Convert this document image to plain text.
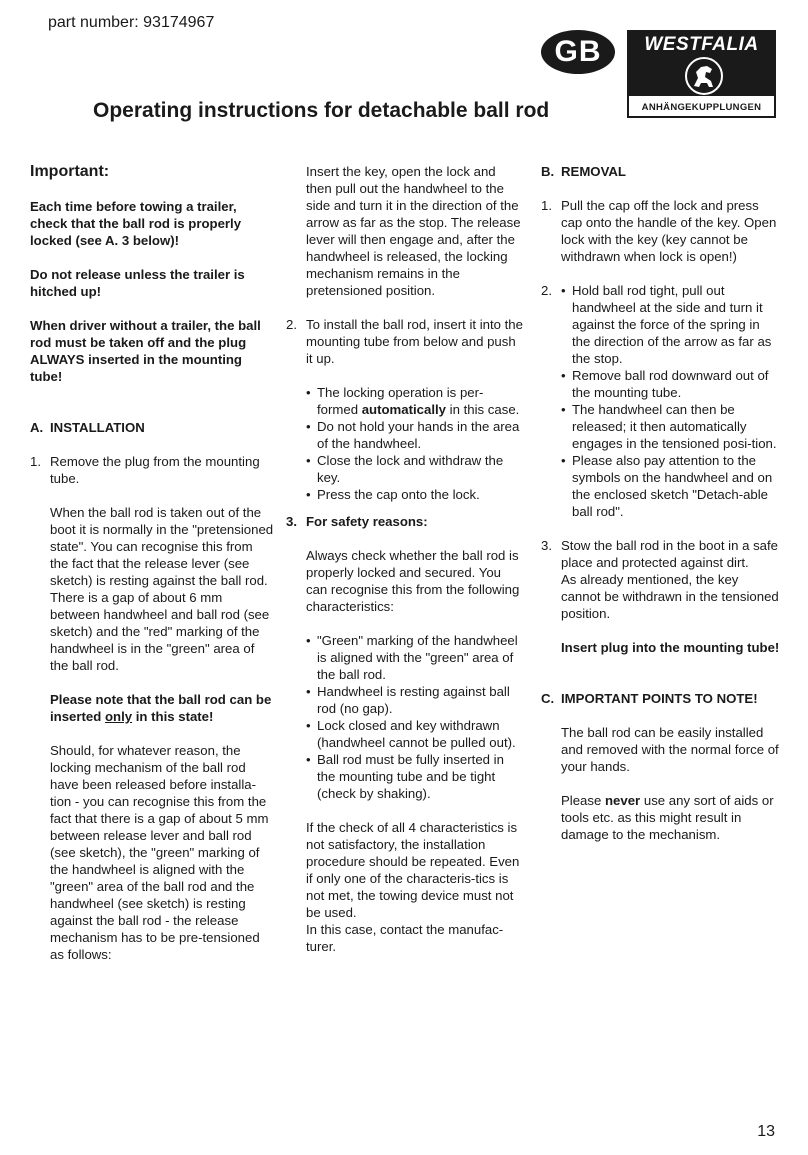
part number: 93174967
GB	WESTFALIA
ANHÄNGEKUPPLUNGEN
Operating instructions for detachable ball rod

Important:

Each time before towing a trailer, check that the ball rod is properly locked (see A. 3 below)!

Do not release unless the trailer is hitched up!

When driver without a trailer, the ball rod must be taken off and the plug ALWAYS inserted in the mounting tube!

A. INSTALLATION
1. Remove the plug from the mounting tube.

When the ball rod is taken out of the boot it is normally in the "pretensioned state". You can recognise this from the fact that the release lever (see sketch) is resting against the ball rod. There is a gap of about 6 mm between handwheel and ball rod (see sketch) and the "red" marking of the handwheel is in the "green" area of the ball rod.

Please note that the ball rod can be inserted only in this state!

Should, for whatever reason, the locking mechanism of the ball rod have been released before installa-tion - you can recognise this from the fact that there is a gap of about 5 mm between release lever and ball rod (see sketch), the "green" marking of the handwheel is aligned with the "green" area of the ball rod and the handwheel (see sketch) is resting against the ball rod - the release mechanism has to be pre-tensioned as follows:

Insert the key, open the lock and then pull out the handwheel to the side and turn it in the direction of the arrow as far as the stop. The release lever will then engage and, after the handwheel is released, the locking mechanism remains in the pretensioned position.

2. To install the ball rod, insert it into the mounting tube from below and push it up.
• The locking operation is per-formed automatically in this case.
• Do not hold your hands in the area of the handwheel.
• Close the lock and withdraw the key.
• Press the cap onto the lock.
3. For safety reasons:

Always check whether the ball rod is properly locked and secured. You can recognise this from the following characteristics:

• "Green" marking of the handwheel is aligned with the "green" area of the ball rod.
• Handwheel is resting against ball rod (no gap).
• Lock closed and key withdrawn (handwheel cannot be pulled out).
• Ball rod must be fully inserted in the mounting tube and be tight (check by shaking).

If the check of all 4 characteristics is not satisfactory, the installation procedure should be repeated. Even if only one of the characteris-tics is not met, the towing device must not be used.

In this case, contact the manufac-turer.

B. REMOVAL
1. Pull the cap off the lock and press cap onto the handle of the key. Open lock with the key (key cannot be withdrawn when lock is open!)
2. • Hold ball rod tight, pull out handwheel at the side and turn it against the force of the spring in the direction of the arrow as far as the stop.
• Remove ball rod downward out of the mounting tube.
• The handwheel can then be released; it then automatically engages in the tensioned posi-tion.
• Please also pay attention to the symbols on the handwheel and on the enclosed sketch "Detach-able ball rod".
3. Stow the ball rod in the boot in a safe place and protected against dirt.
As already mentioned, the key cannot be withdrawn in the tensioned position.

Insert plug into the mounting tube!

C. IMPORTANT POINTS TO NOTE!

The ball rod can be easily installed and removed with the normal force of your hands.

Please never use any sort of aids or tools etc. as this might result in damage to the mechanism.

13
